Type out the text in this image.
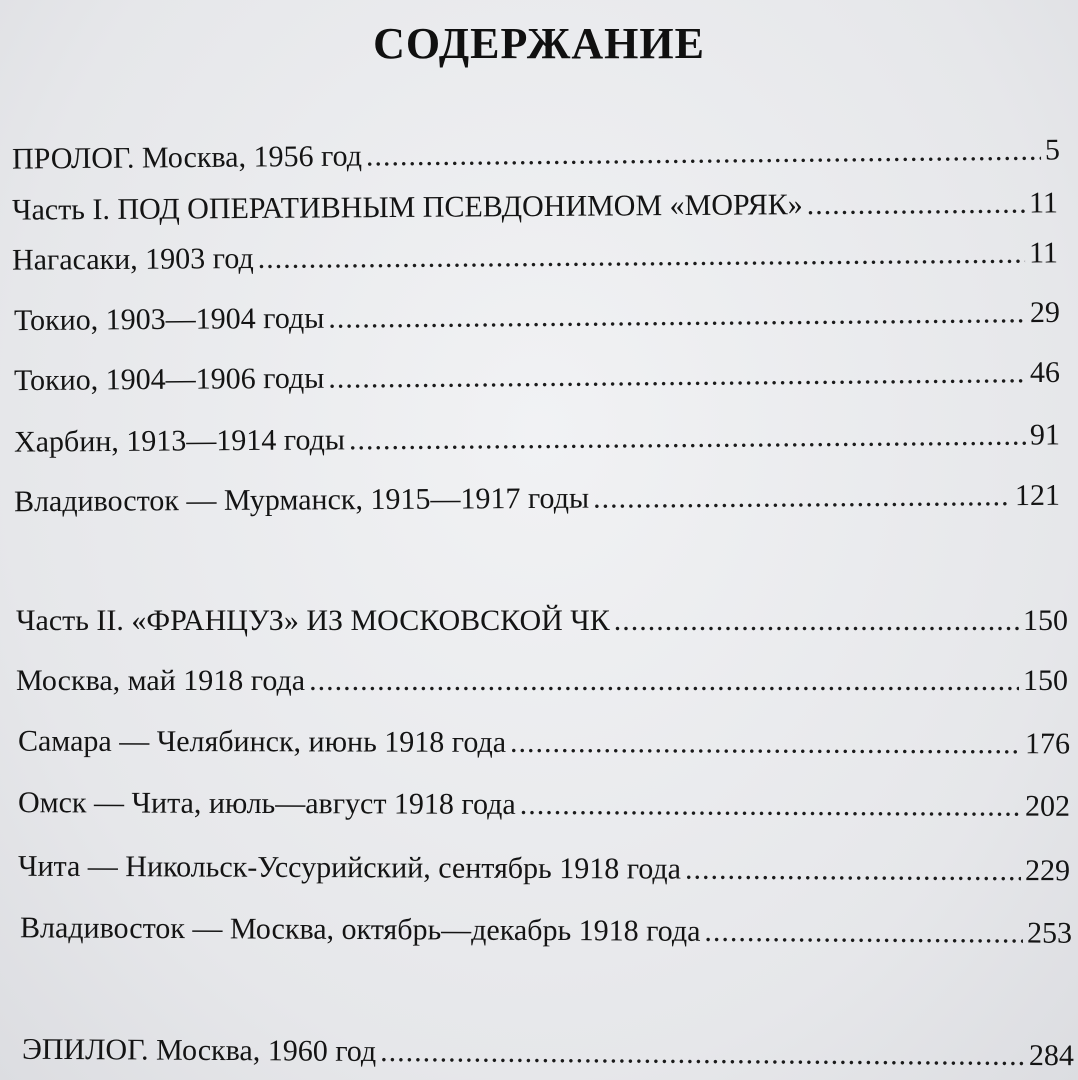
СОДЕРЖАНИЕ
ПРОЛОГ. Москва, 1956 год .....	5
Часть I. ПОД ОПЕРАТИВНЫМ ПСЕВДОНИМОМ «МОРЯК» .....	11
Нагасаки, 1903 год .....	11
Токио, 1903—1904 годы .....	29
Токио, 1904—1906 годы .....	46
Харбин, 1913—1914 годы .....	91
Владивосток — Мурманск, 1915—1917 годы .....	121
Часть II. «ФРАНЦУЗ» ИЗ МОСКОВСКОЙ ЧК .....	150
Москва, май 1918 года .....	150
Самара — Челябинск, июнь 1918 года .....	176
Омск — Чита, июль—август 1918 года .....	202
Чита — Никольск-Уссурийский, сентябрь 1918 года .....	229
Владивосток — Москва, октябрь—декабрь 1918 года .....	253
ЭПИЛОГ. Москва, 1960 год .....	284
